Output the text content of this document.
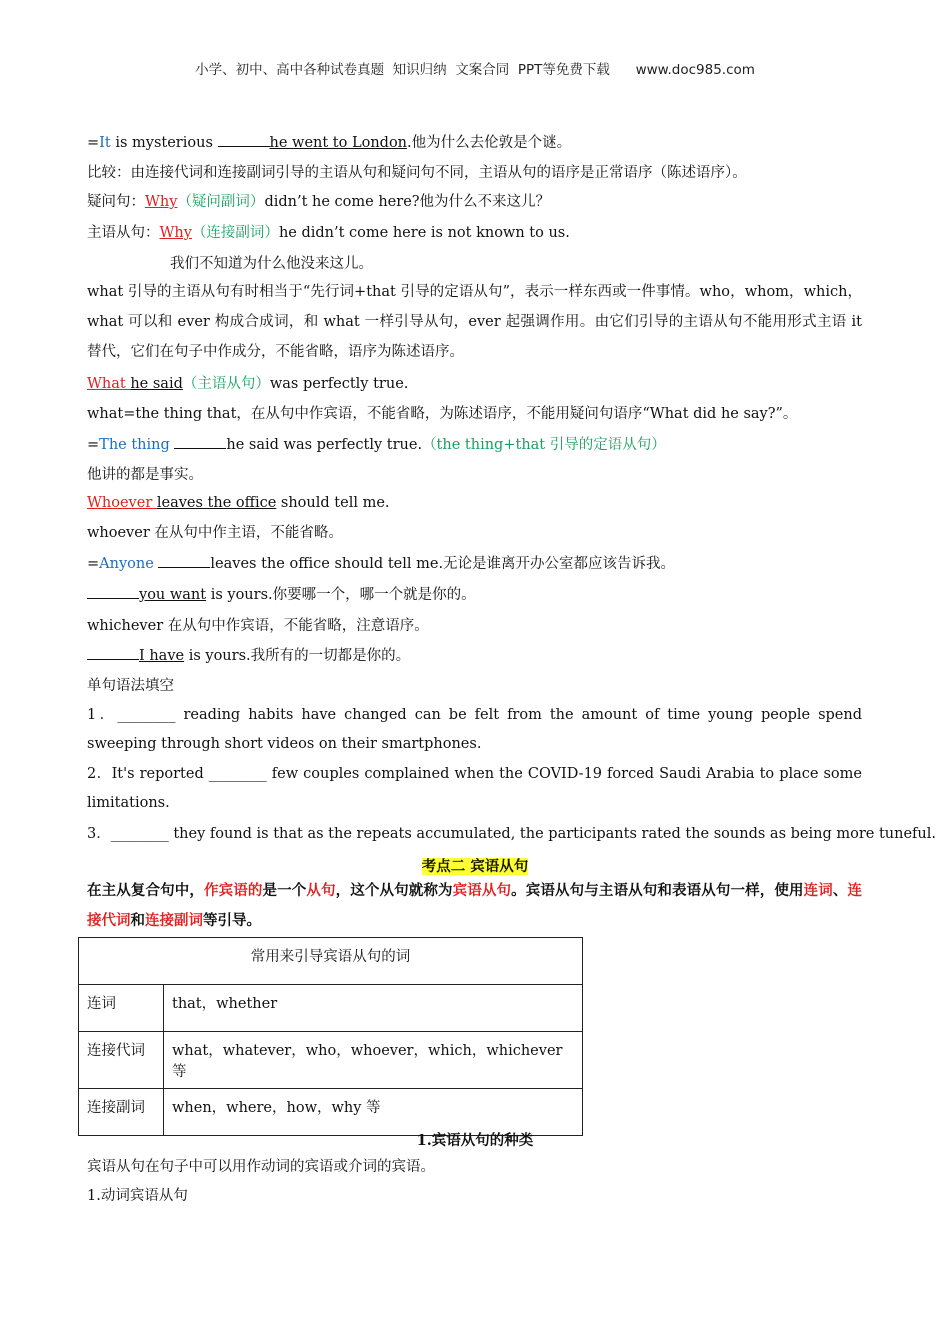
小学、初中、高中各种试卷真题  知识归纳  文案合同  PPT等免费下载      www.doc985.com
=It is mysterious	he went to London.他为什么去伦敦是个谜。
比较：由连接代词和连接副词引导的主语从句和疑问句不同，主语从句的语序是正常语序（陈述语序）。
疑问句：Why（疑问副词）didn’t he come here?他为什么不来这儿？
主语从句：Why（连接副词）he didn’t come here is not known to us.
我们不知道为什么他没来这儿。
what 引导的主语从句有时相当于“先行词+that 引导的定语从句”，表示一样东西或一件事情。who，whom，which，what 可以和 ever 构成合成词，和 what 一样引导从句，ever 起强调作用。由它们引导的主语从句不能用形式主语 it 替代，它们在句子中作成分，不能省略，语序为陈述语序。
What he said（主语从句）was perfectly true.
what=the thing that，在从句中作宾语，不能省略，为陈述语序，不能用疑问句语序“What did he say?”。
=The thing	he said was perfectly true.（the thing+that 引导的定语从句）
他讲的都是事实。
Whoever leaves the office should tell me.
whoever 在从句中作主语，不能省略。
=Anyone	leaves the office should tell me.无论是谁离开办公室都应该告诉我。
you want is yours.你要哪一个，哪一个就是你的。
whichever 在从句中作宾语，不能省略，注意语序。
I have is yours.我所有的一切都是你的。
单句语法填空
1．________ reading habits have changed can be felt from the amount of time young people spend sweeping through short videos on their smartphones.
2．It's reported ________ few couples complained when the COVID-19 forced Saudi Arabia to place some limitations.
3．________ they found is that as the repeats accumulated, the participants rated the sounds as being more tuneful.
考点二 宾语从句
在主从复合句中，作宾语的是一个从句，这个从句就称为宾语从句。宾语从句与主语从句和表语从句一样，使用连词、连接代词和连接副词等引导。
常用来引导宾语从句的词	
连词	that，whether
连接代词	what，whatever，who，whoever，which，whichever 等
连接副词	when，where，how，why 等
1.宾语从句的种类
宾语从句在句子中可以用作动词的宾语或介词的宾语。
1.动词宾语从句
